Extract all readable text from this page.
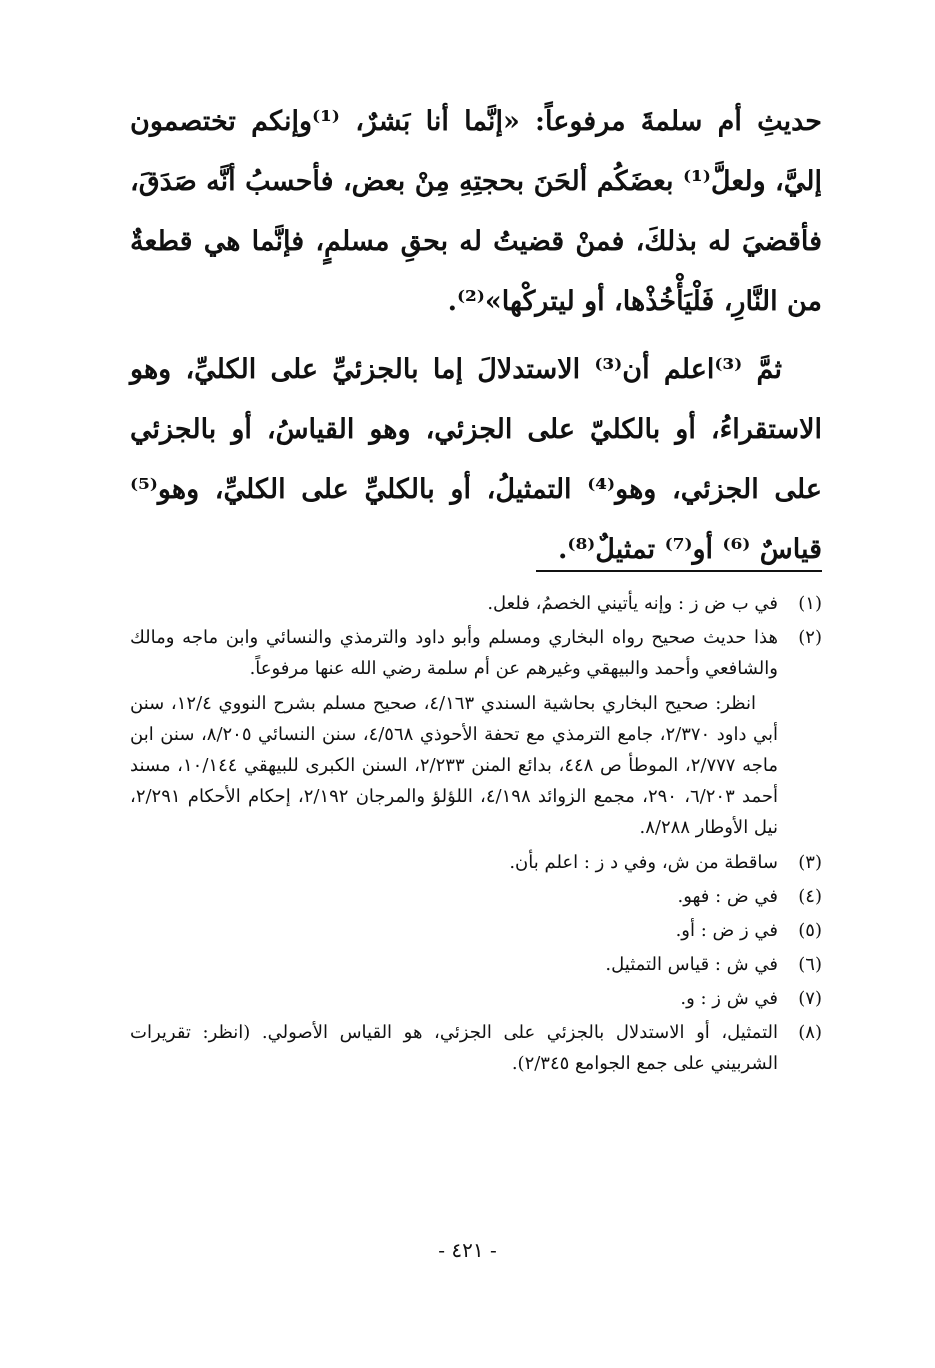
حديثِ أم سلمةَ مرفوعاً: «إنَّما أنا بَشرٌ، ⁽¹⁾وإنكم تختصمون إليَّ، ولعلَّ⁽¹⁾ بعضَكُم ألحَنَ بحجتِهِ مِنْ بعض، فأحسبُ أنَّه صَدَقَ، فأقضيَ له بذلكَ، فمنْ قضيتُ له بحقِ مسلمٍ، فإنَّما هي قطعةٌ من النَّارِ، فَلْيَأْخُذْها، أو ليتركْها»⁽²⁾.

ثمَّ ⁽³⁾اعلم أن⁽³⁾ الاستدلالَ إما بالجزئيِّ على الكليِّ، وهو الاستقراءُ، أو بالكليّ على الجزئي، وهو القياسُ، أو بالجزئي على الجزئي، وهو⁽⁴⁾ التمثيلُ، أو بالكليِّ على الكليِّ، وهو⁽⁵⁾ قياسٌ ⁽⁶⁾ أو⁽⁷⁾ تمثيلٌ⁽⁸⁾.

(١)
في ب ض ز : وإنه يأتيني الخصمُ، فلعل.
(٢)
هذا حديث صحيح رواه البخاري ومسلم وأبو داود والترمذي والنسائي وابن ماجه ومالك والشافعي وأحمد والبيهقي وغيرهم عن أم سلمة رضي الله عنها مرفوعاً.

انظر: صحيح البخاري بحاشية السندي ٤/١٦٣، صحيح مسلم بشرح النووي ١٢/٤، سنن أبي داود ٢/٣٧٠، جامع الترمذي مع تحفة الأحوذي ٤/٥٦٨، سنن النسائي ٨/٢٠٥، سنن ابن ماجه ٢/٧٧٧، الموطأ ص ٤٤٨، بدائع المنن ٢/٢٣٣، السنن الكبرى للبيهقي ١٠/١٤٤، مسند أحمد ٦/٢٠٣، ٢٩٠، مجمع الزوائد ٤/١٩٨، اللؤلؤ والمرجان ٢/١٩٢، إحكام الأحكام ٢/٢٩١، نيل الأوطار ٨/٢٨٨.

(٣)
ساقطة من ش، وفي د ز : اعلم بأن.
(٤)
في ض : فهو.
(٥)
في ز ض : أو.
(٦)
في ش : قياس التمثيل.
(٧)
في ش ز : و.
(٨)
التمثيل، أو الاستدلال بالجزئي على الجزئي، هو القياس الأصولي. (انظر: تقريرات الشربيني على جمع الجوامع ٢/٣٤٥).
- ٤٢١ -
